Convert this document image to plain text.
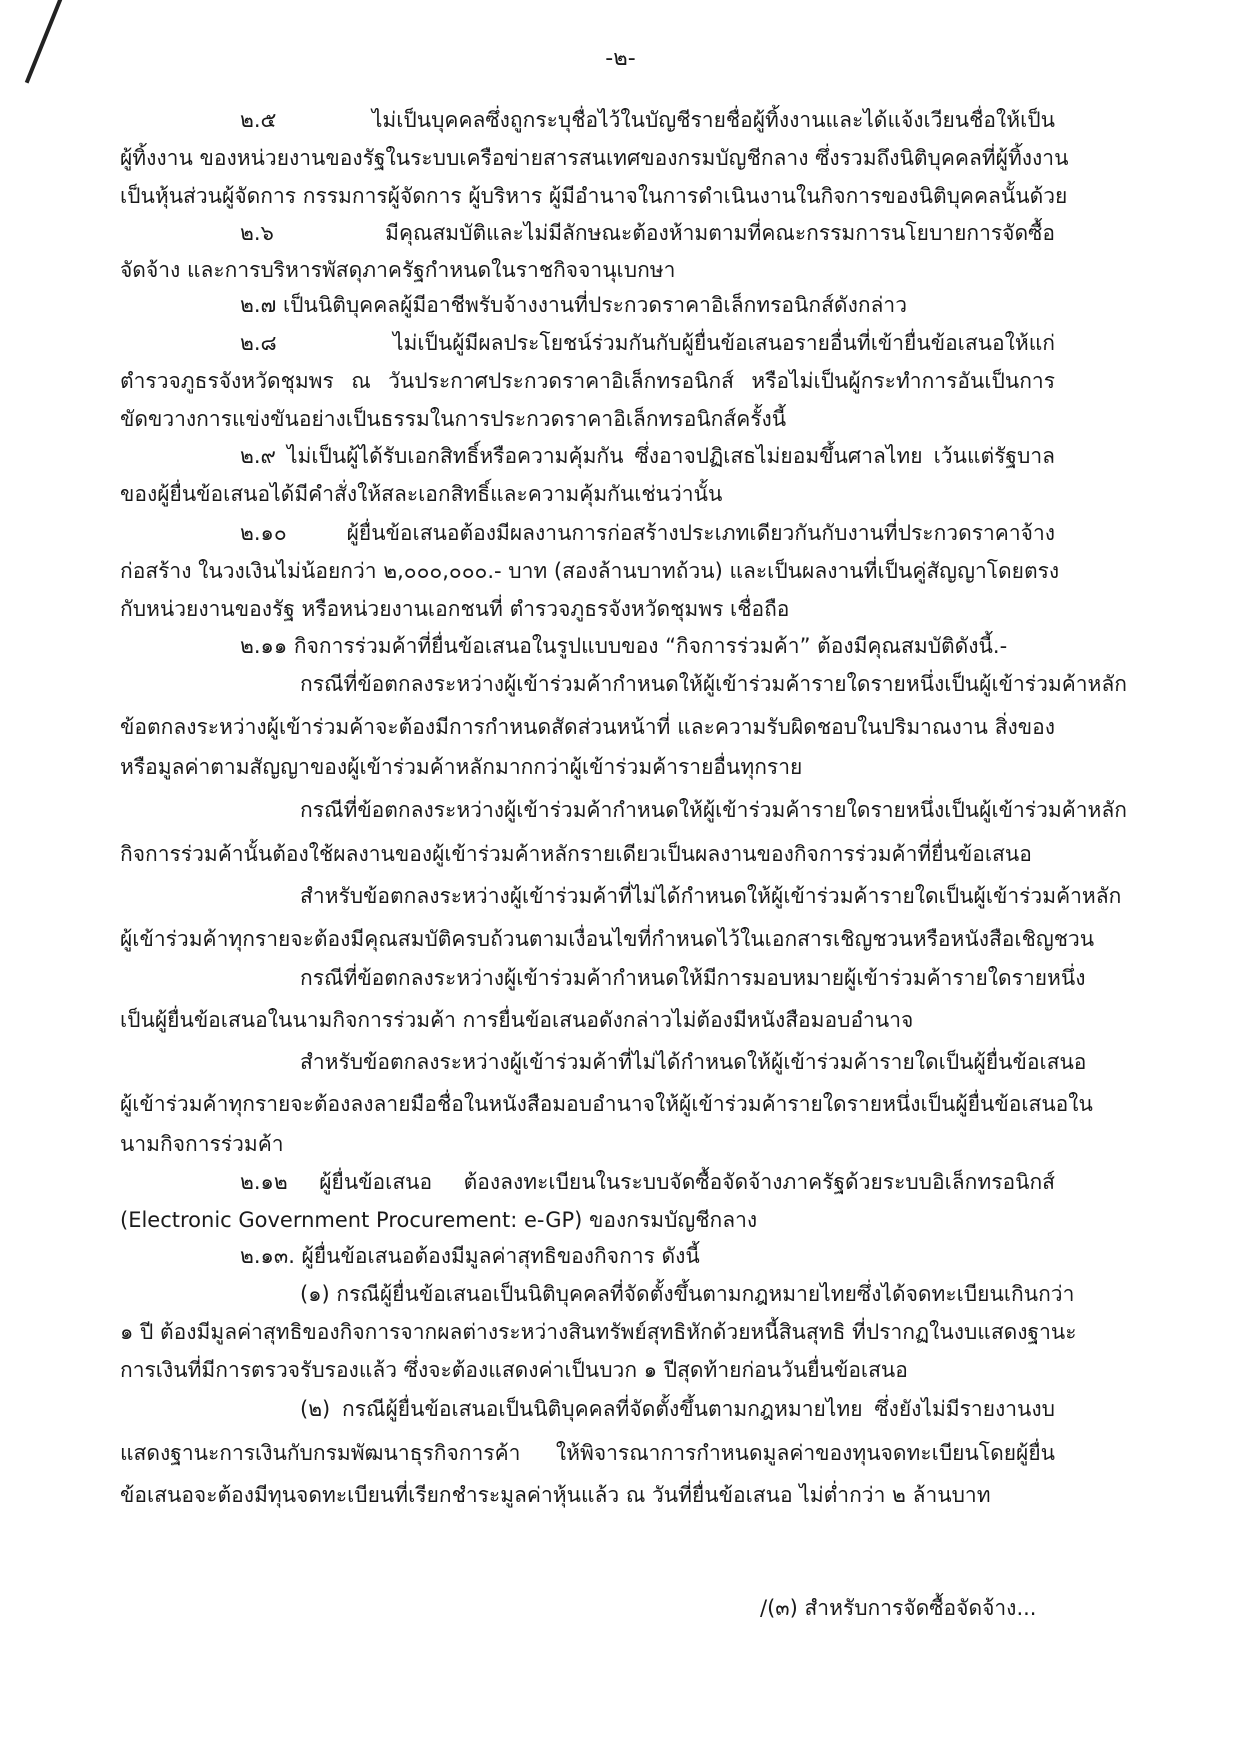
-๒-
๒.๕ ไม่เป็นบุคคลซึ่งถูกระบุชื่อไว้ในบัญชีรายชื่อผู้ทิ้งงานและได้แจ้งเวียนชื่อให้เป็น
ผู้ทิ้งงาน ของหน่วยงานของรัฐในระบบเครือข่ายสารสนเทศของกรมบัญชีกลาง ซึ่งรวมถึงนิติบุคคลที่ผู้ทิ้งงาน
เป็นหุ้นส่วนผู้จัดการ กรรมการผู้จัดการ ผู้บริหาร ผู้มีอำนาจในการดำเนินงานในกิจการของนิติบุคคลนั้นด้วย
๒.๖ มีคุณสมบัติและไม่มีลักษณะต้องห้ามตามที่คณะกรรมการนโยบายการจัดซื้อ
จัดจ้าง และการบริหารพัสดุภาครัฐกำหนดในราชกิจจานุเบกษา
๒.๗ เป็นนิติบุคคลผู้มีอาชีพรับจ้างงานที่ประกวดราคาอิเล็กทรอนิกส์ดังกล่าว
๒.๘ ไม่เป็นผู้มีผลประโยชน์ร่วมกันกับผู้ยื่นข้อเสนอรายอื่นที่เข้ายื่นข้อเสนอให้แก่
ตำรวจภูธรจังหวัดชุมพร ณ วันประกาศประกวดราคาอิเล็กทรอนิกส์ หรือไม่เป็นผู้กระทำการอันเป็นการ
ขัดขวางการแข่งขันอย่างเป็นธรรมในการประกวดราคาอิเล็กทรอนิกส์ครั้งนี้
๒.๙ ไม่เป็นผู้ได้รับเอกสิทธิ์หรือความคุ้มกัน ซึ่งอาจปฏิเสธไม่ยอมขึ้นศาลไทย เว้นแต่รัฐบาล
ของผู้ยื่นข้อเสนอได้มีคำสั่งให้สละเอกสิทธิ์และความคุ้มกันเช่นว่านั้น
๒.๑๐ ผู้ยื่นข้อเสนอต้องมีผลงานการก่อสร้างประเภทเดียวกันกับงานที่ประกวดราคาจ้าง
ก่อสร้าง ในวงเงินไม่น้อยกว่า ๒,๐๐๐,๐๐๐.- บาท (สองล้านบาทถ้วน) และเป็นผลงานที่เป็นคู่สัญญาโดยตรง
กับหน่วยงานของรัฐ หรือหน่วยงานเอกชนที่ ตำรวจภูธรจังหวัดชุมพร เชื่อถือ
๒.๑๑ กิจการร่วมค้าที่ยื่นข้อเสนอในรูปแบบของ “กิจการร่วมค้า” ต้องมีคุณสมบัติดังนี้.-
กรณีที่ข้อตกลงระหว่างผู้เข้าร่วมค้ากำหนดให้ผู้เข้าร่วมค้ารายใดรายหนึ่งเป็นผู้เข้าร่วมค้าหลัก
ข้อตกลงระหว่างผู้เข้าร่วมค้าจะต้องมีการกำหนดสัดส่วนหน้าที่ และความรับผิดชอบในปริมาณงาน สิ่งของ
หรือมูลค่าตามสัญญาของผู้เข้าร่วมค้าหลักมากกว่าผู้เข้าร่วมค้ารายอื่นทุกราย
กรณีที่ข้อตกลงระหว่างผู้เข้าร่วมค้ากำหนดให้ผู้เข้าร่วมค้ารายใดรายหนึ่งเป็นผู้เข้าร่วมค้าหลัก
กิจการร่วมค้านั้นต้องใช้ผลงานของผู้เข้าร่วมค้าหลักรายเดียวเป็นผลงานของกิจการร่วมค้าที่ยื่นข้อเสนอ
สำหรับข้อตกลงระหว่างผู้เข้าร่วมค้าที่ไม่ได้กำหนดให้ผู้เข้าร่วมค้ารายใดเป็นผู้เข้าร่วมค้าหลัก
ผู้เข้าร่วมค้าทุกรายจะต้องมีคุณสมบัติครบถ้วนตามเงื่อนไขที่กำหนดไว้ในเอกสารเชิญชวนหรือหนังสือเชิญชวน
กรณีที่ข้อตกลงระหว่างผู้เข้าร่วมค้ากำหนดให้มีการมอบหมายผู้เข้าร่วมค้ารายใดรายหนึ่ง
เป็นผู้ยื่นข้อเสนอในนามกิจการร่วมค้า การยื่นข้อเสนอดังกล่าวไม่ต้องมีหนังสือมอบอำนาจ
สำหรับข้อตกลงระหว่างผู้เข้าร่วมค้าที่ไม่ได้กำหนดให้ผู้เข้าร่วมค้ารายใดเป็นผู้ยื่นข้อเสนอ
ผู้เข้าร่วมค้าทุกรายจะต้องลงลายมือชื่อในหนังสือมอบอำนาจให้ผู้เข้าร่วมค้ารายใดรายหนึ่งเป็นผู้ยื่นข้อเสนอใน
นามกิจการร่วมค้า
๒.๑๒ ผู้ยื่นข้อเสนอ ต้องลงทะเบียนในระบบจัดซื้อจัดจ้างภาครัฐด้วยระบบอิเล็กทรอนิกส์
(Electronic Government Procurement: e-GP) ของกรมบัญชีกลาง
๒.๑๓. ผู้ยื่นข้อเสนอต้องมีมูลค่าสุทธิของกิจการ ดังนี้
(๑) กรณีผู้ยื่นข้อเสนอเป็นนิติบุคคลที่จัดตั้งขึ้นตามกฎหมายไทยซึ่งได้จดทะเบียนเกินกว่า
๑ ปี ต้องมีมูลค่าสุทธิของกิจการจากผลต่างระหว่างสินทรัพย์สุทธิหักด้วยหนี้สินสุทธิ ที่ปรากฏในงบแสดงฐานะ
การเงินที่มีการตรวจรับรองแล้ว ซึ่งจะต้องแสดงค่าเป็นบวก ๑ ปีสุดท้ายก่อนวันยื่นข้อเสนอ
(๒) กรณีผู้ยื่นข้อเสนอเป็นนิติบุคคลที่จัดตั้งขึ้นตามกฎหมายไทย ซึ่งยังไม่มีรายงานงบ
แสดงฐานะการเงินกับกรมพัฒนาธุรกิจการค้า ให้พิจารณาการกำหนดมูลค่าของทุนจดทะเบียนโดยผู้ยื่น
ข้อเสนอจะต้องมีทุนจดทะเบียนที่เรียกชำระมูลค่าหุ้นแล้ว ณ วันที่ยื่นข้อเสนอ ไม่ต่ำกว่า ๒ ล้านบาท
/(๓) สำหรับการจัดซื้อจัดจ้าง...
